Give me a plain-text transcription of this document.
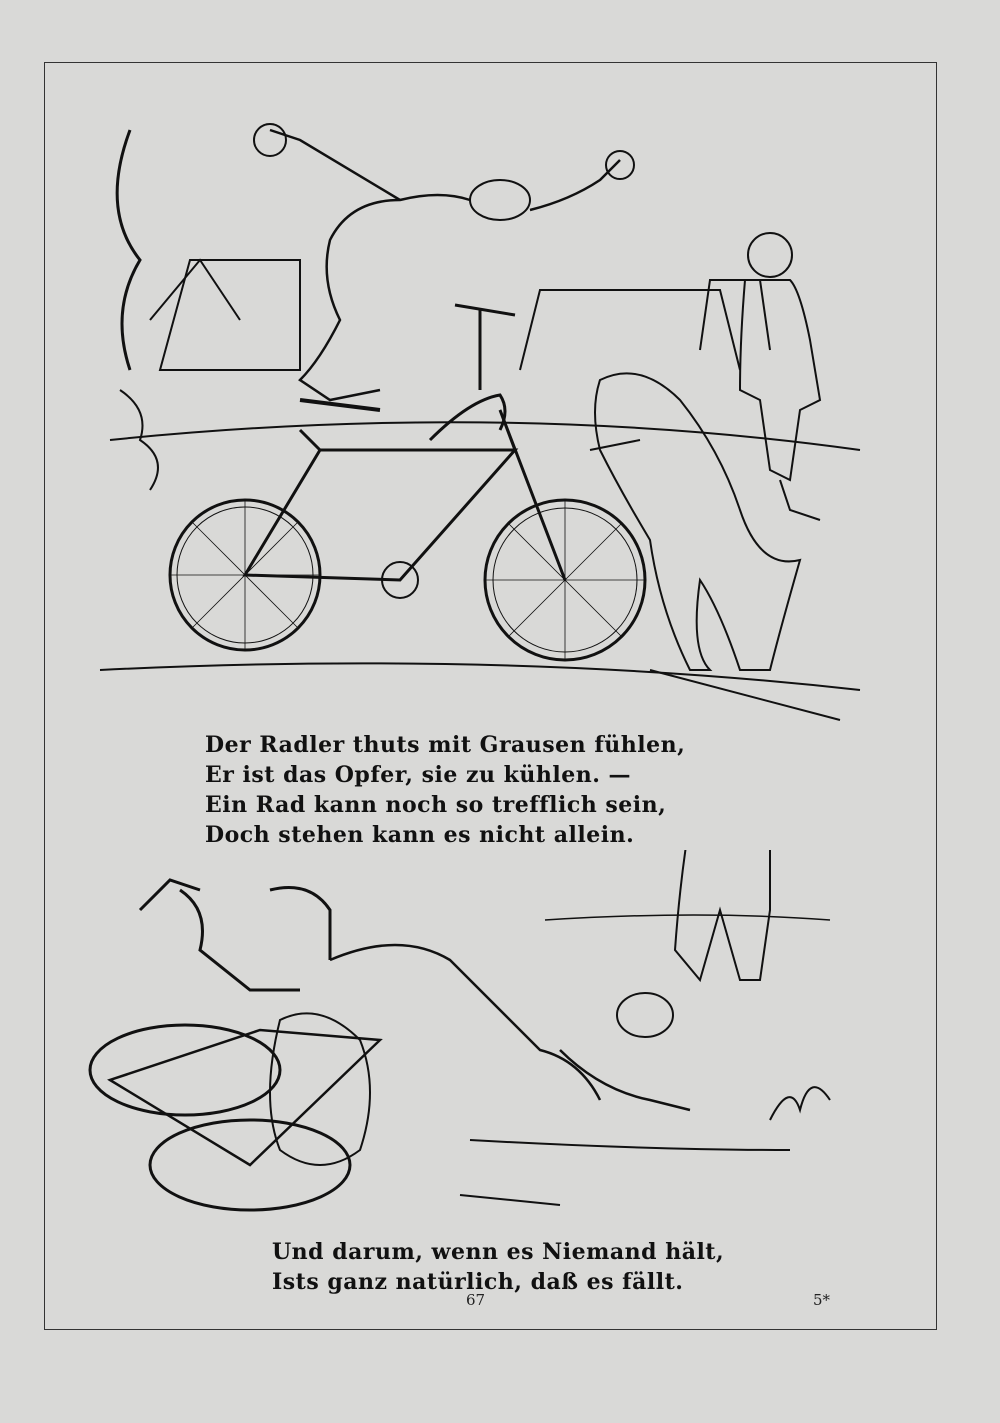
Der Radler thuts mit Grausen fühlen,
Er ist das Opfer, sie zu kühlen. —
Ein Rad kann noch so trefflich sein,
Doch stehen kann es nicht allein.
Und darum, wenn es Niemand hält,
Ists ganz natürlich, daß es fällt.
67	5*
